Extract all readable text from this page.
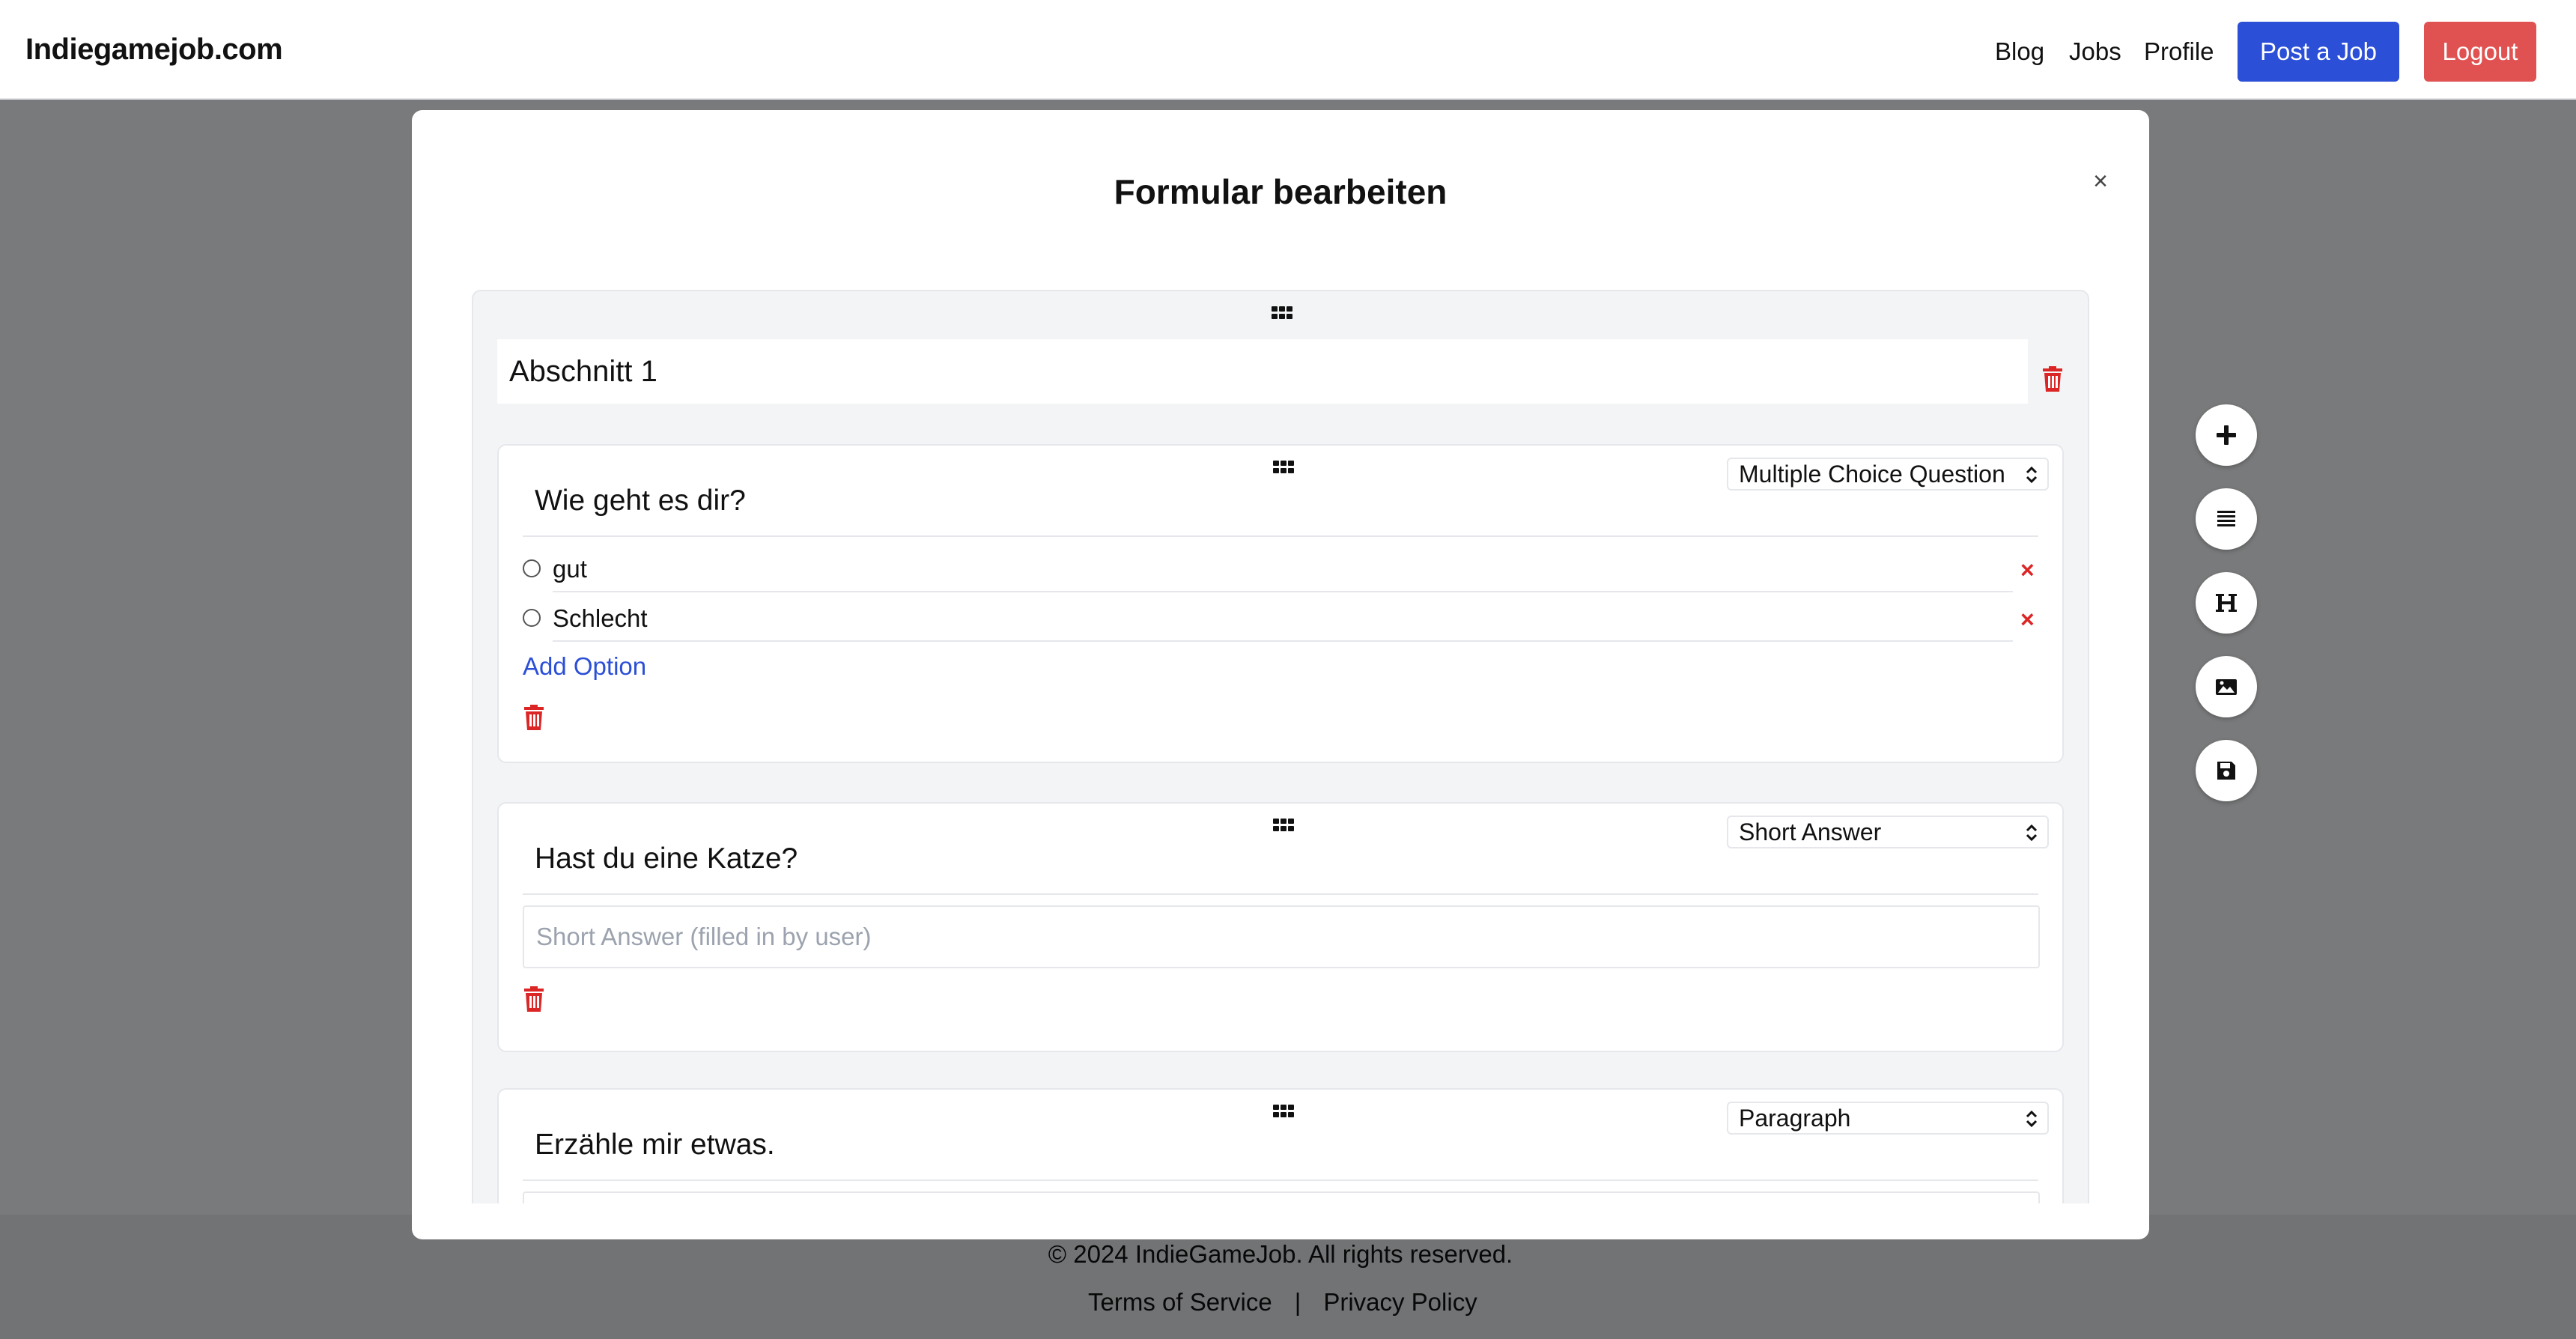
Indiegamejob.com	Blog Jobs Profile	Post a Job	Logout
Formular bearbeiten	×
Abschnitt 1
Multiple Choice Question
Wie geht es dir?
gut	×
Schlecht	×
Add Option
Short Answer
Hast du eine Katze?
Short Answer (filled in by user)
Paragraph
Erzähle mir etwas.
